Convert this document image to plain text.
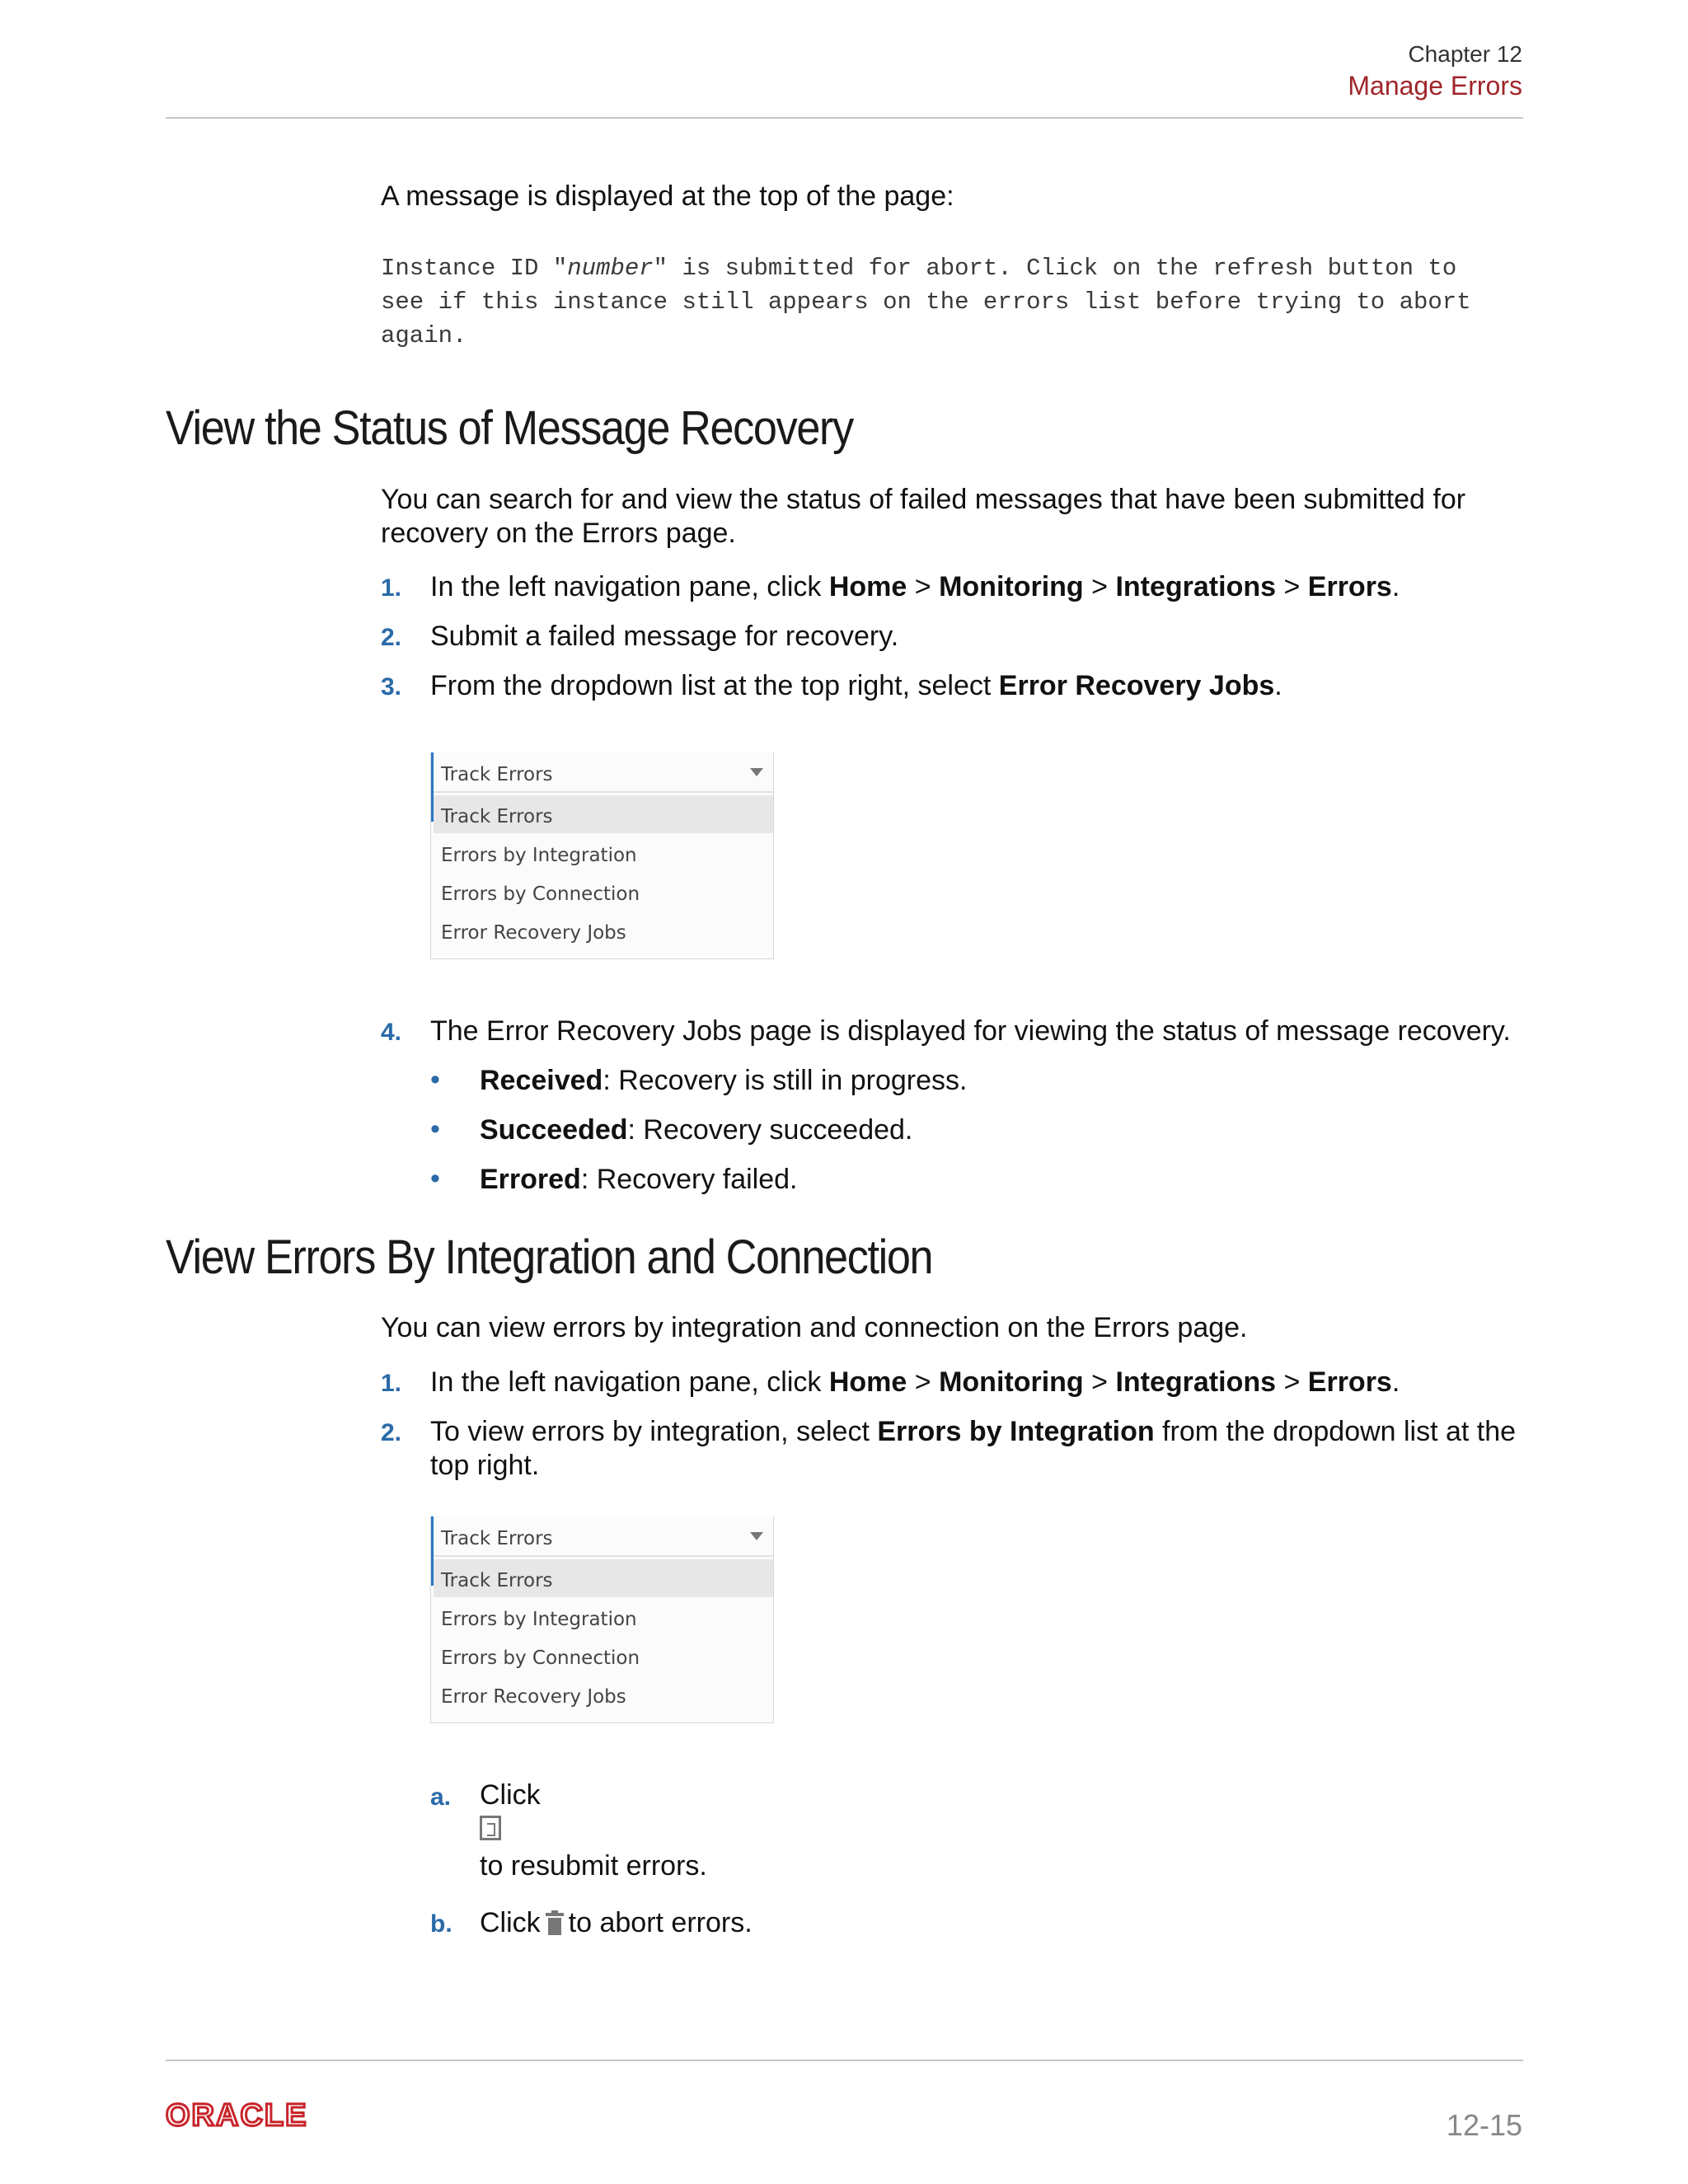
Chapter 12
Manage Errors
A message is displayed at the top of the page:
Instance ID "number" is submitted for abort. Click on the refresh button to
see if this instance still appears on the errors list before trying to abort
again.
View the Status of Message Recovery
You can search for and view the status of failed messages that have been submitted for
recovery on the Errors page.
1. In the left navigation pane, click Home > Monitoring > Integrations > Errors.
2. Submit a failed message for recovery.
3. From the dropdown list at the top right, select Error Recovery Jobs.
Track Errors
Track Errors
Errors by Integration
Errors by Connection
Error Recovery Jobs
4. The Error Recovery Jobs page is displayed for viewing the status of message recovery.
• Received: Recovery is still in progress.
• Succeeded: Recovery succeeded.
• Errored: Recovery failed.
View Errors By Integration and Connection
You can view errors by integration and connection on the Errors page.
1. In the left navigation pane, click Home > Monitoring > Integrations > Errors.
2. To view errors by integration, select Errors by Integration from the dropdown list at the
top right.
Track Errors
Track Errors
Errors by Integration
Errors by Connection
Error Recovery Jobs
a. Click
to resubmit errors.
b. Click to abort errors.
ORACLE	12-15
